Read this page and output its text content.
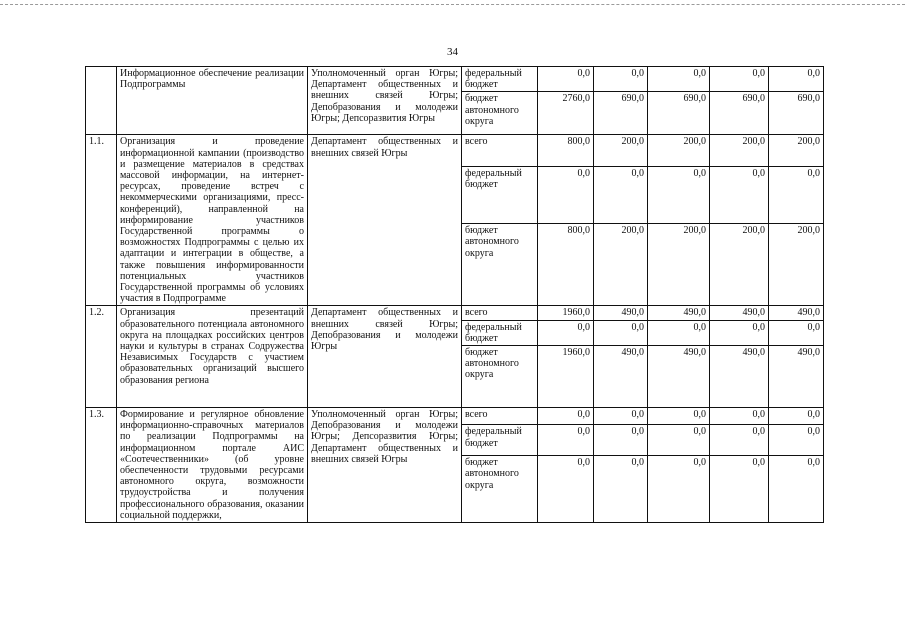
34
	Информационное обеспечение реализации Подпрограммы	Уполномоченный орган Югры; Департамент общественных и внешних связей Югры; Депобразования и молодежи Югры; Депсоразвития Югры	федеральный бюджет	0,0	0,0	0,0	0,0	0,0
			бюджет автономного округа	2760,0	690,0	690,0	690,0	690,0
1.1.	Организация и проведение информационной кампании (производство и размещение материалов в средствах массовой информации, на интернет-ресурсах, проведение встреч с некоммерческими организациями, пресс-конференций), направленной на информирование участников Государственной программы о возможностях Подпрограммы с целью их адаптации и интеграции в обществе, а также повышения информированности потенциальных участников Государственной программы об условиях участия в Подпрограмме	Департамент общественных и внешних связей Югры	всего	800,0	200,0	200,0	200,0	200,0
			федеральный бюджет	0,0	0,0	0,0	0,0	0,0
			бюджет автономного округа	800,0	200,0	200,0	200,0	200,0
1.2.	Организация презентаций образовательного потенциала автономного округа на площадках российских центров науки и культуры в странах Содружества Независимых Государств с участием образовательных организаций высшего образования региона	Департамент общественных и внешних связей Югры; Депобразования и молодежи Югры	всего	1960,0	490,0	490,0	490,0	490,0
			федеральный бюджет	0,0	0,0	0,0	0,0	0,0
			бюджет автономного округа	1960,0	490,0	490,0	490,0	490,0
1.3.	Формирование и регулярное обновление информационно-справочных материалов по реализации Подпрограммы на информационном портале АИС «Соотечественники» (об уровне обеспеченности трудовыми ресурсами автономного округа, возможности трудоустройства и получения профессионального образования, оказании социальной поддержки,	Уполномоченный орган Югры; Депобразования и молодежи Югры; Депсоразвития Югры; Департамент общественных и внешних связей Югры	всего	0,0	0,0	0,0	0,0	0,0
			федеральный бюджет	0,0	0,0	0,0	0,0	0,0
			бюджет автономного округа	0,0	0,0	0,0	0,0	0,0
